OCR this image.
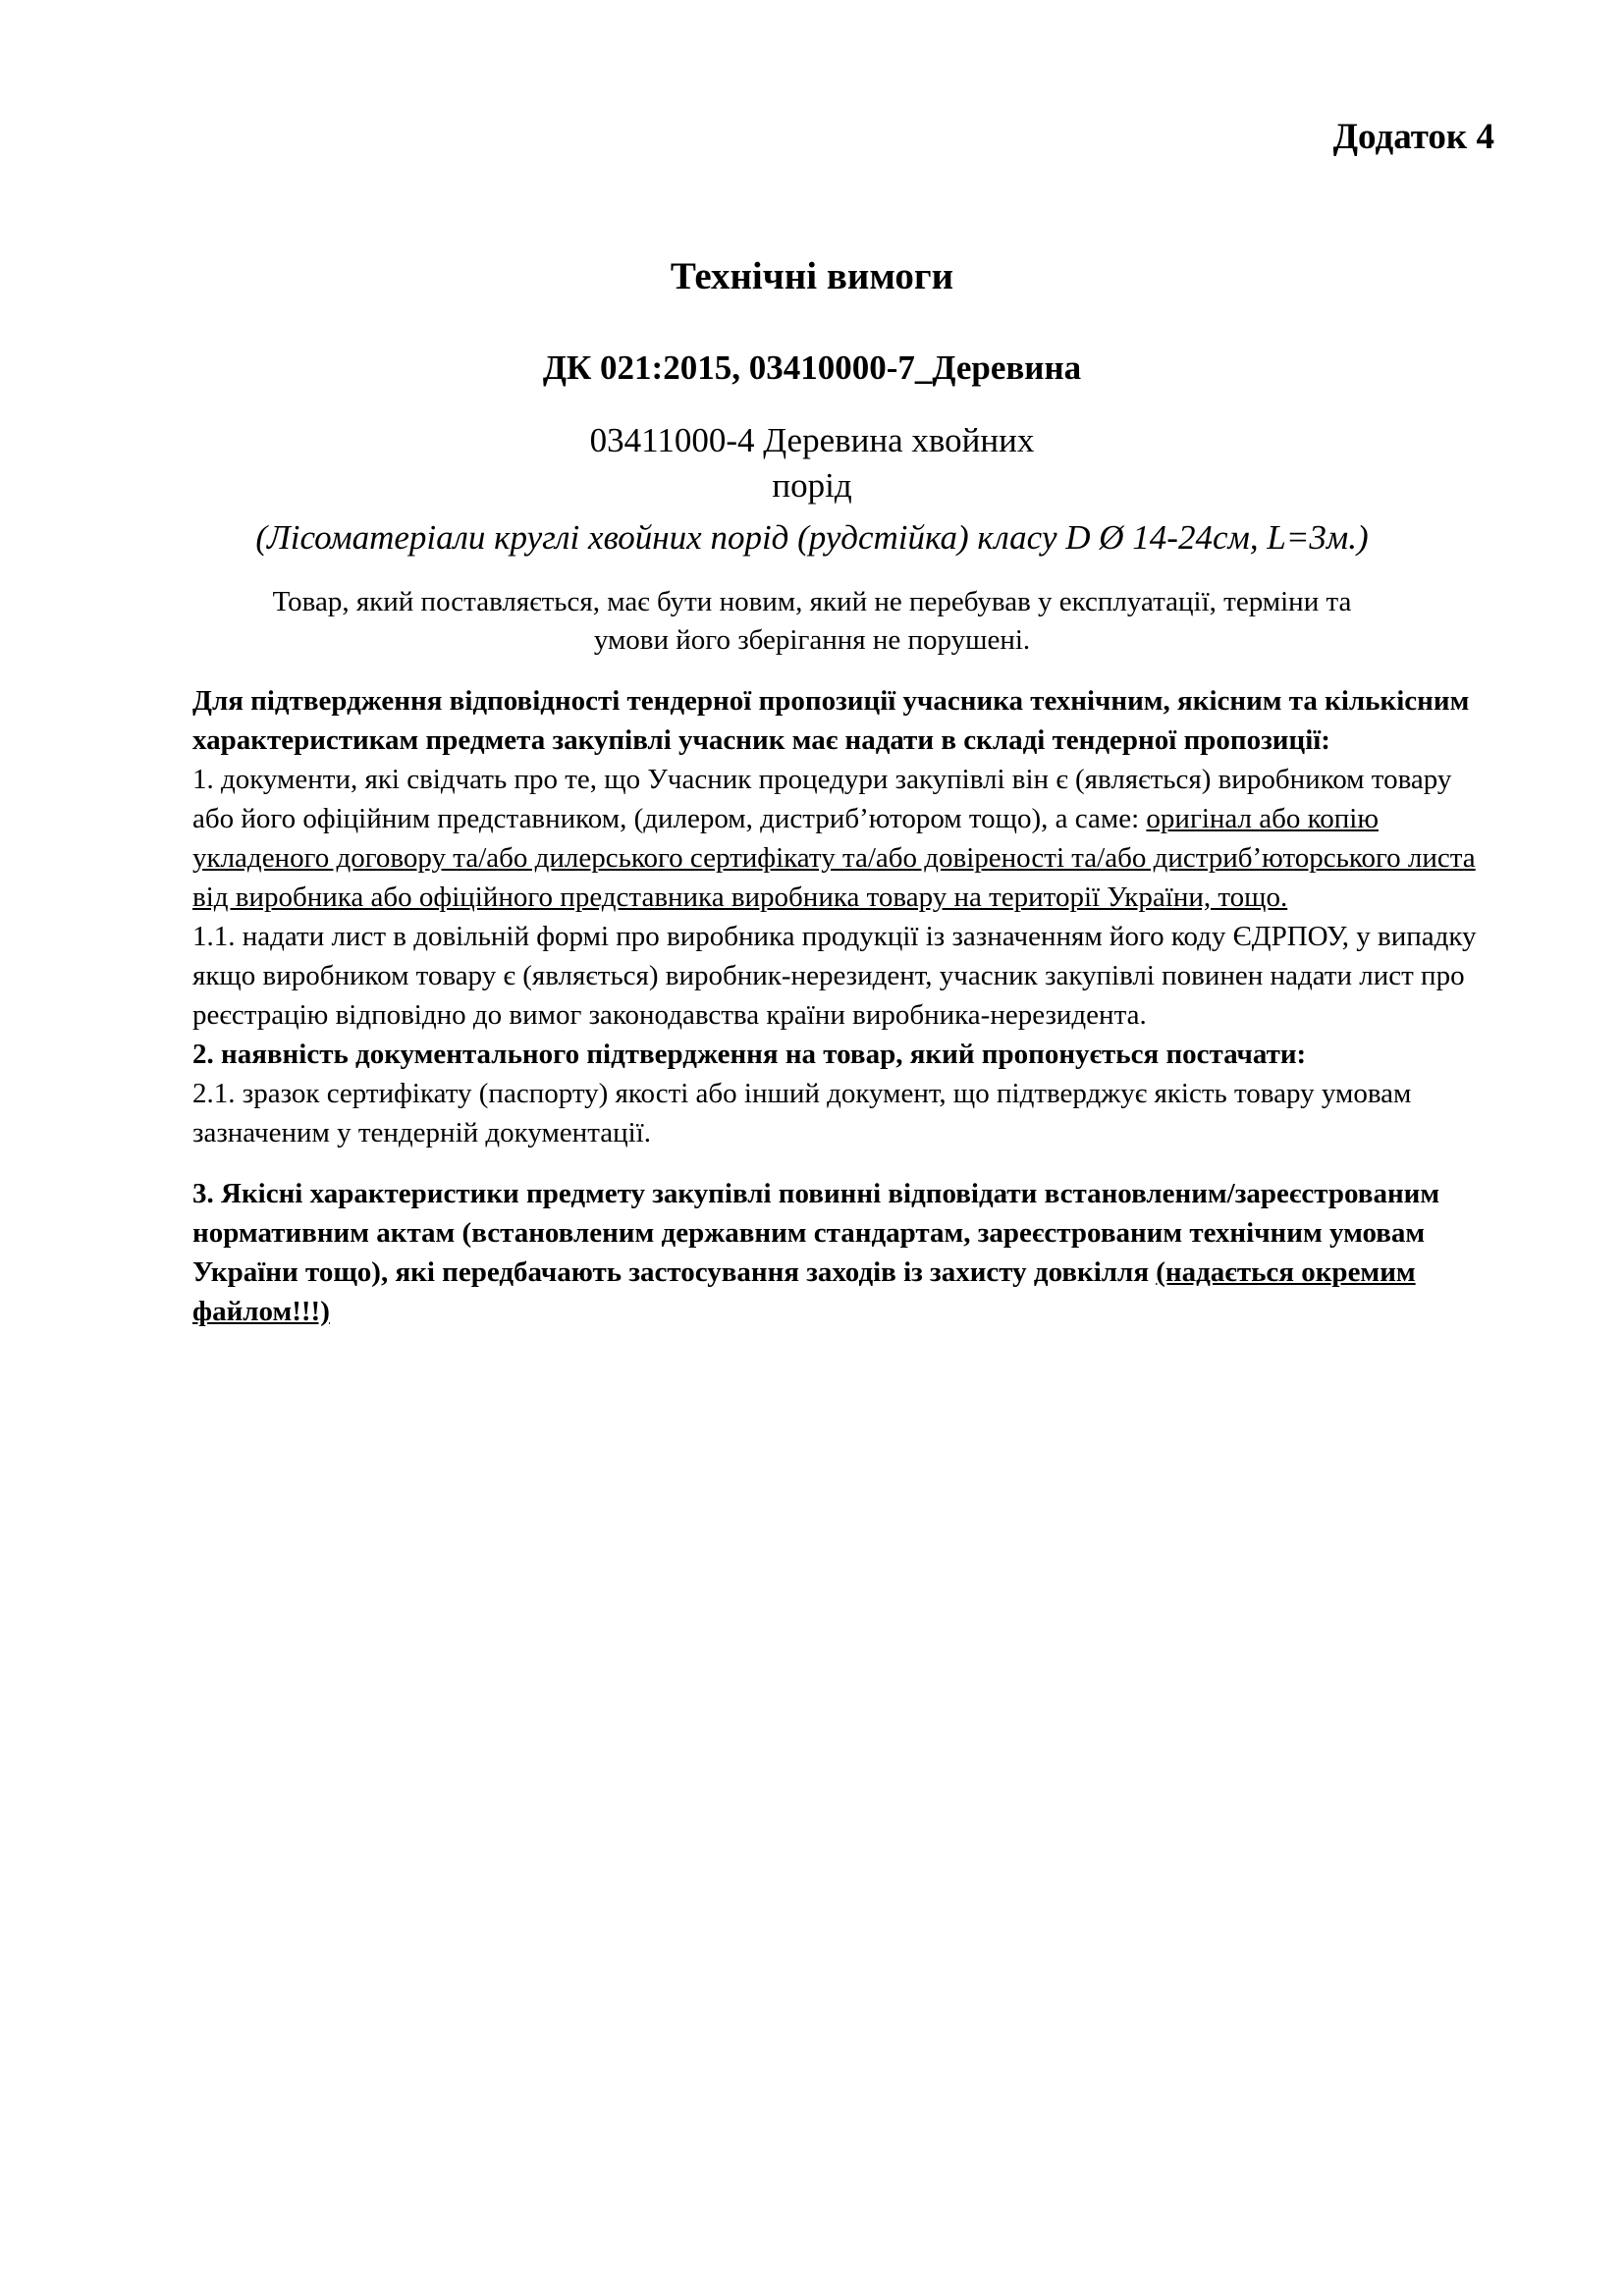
Додаток 4
Технічні вимоги
ДК 021:2015, 03410000-7_Деревина
03411000-4 Деревина хвойних
порід
(Лісоматеріали круглі хвойних порід (рудстійка) класу D Ø 14-24см, L=3м.)
Товар, який поставляється, має бути новим, який не перебував у експлуатації, терміни та
умови його зберігання не порушені.

Для підтвердження відповідності тендерної пропозиції учасника технічним, якісним та кількісним характеристикам предмета закупівлі учасник має надати в складі тендерної пропозиції:

1. документи, які свідчать про те, що Учасник процедури закупівлі він є (являється) виробником товару або його офіційним представником, (дилером, дистриб’ютором тощо), а саме: оригінал або копію укладеного договору та/або дилерського сертифікату та/або довіреності та/або дистриб’юторського листа від виробника або офіційного представника виробника товару на території України, тощо.

1.1. надати лист в довільній формі про виробника продукції із зазначенням його коду ЄДРПОУ, у випадку якщо виробником товару є (являється) виробник-нерезидент, учасник закупівлі повинен надати лист про реєстрацію відповідно до вимог законодавства країни виробника-нерезидента.

2. наявність документального підтвердження на товар, який пропонується постачати:

2.1. зразок сертифікату (паспорту) якості або інший документ, що підтверджує якість товару умовам зазначеним у тендерній документації.

3. Якісні характеристики предмету закупівлі повинні відповідати встановленим/зареєстрованим нормативним актам (встановленим державним стандартам, зареєстрованим технічним умовам України тощо), які передбачають застосування заходів із захисту довкілля (надається окремим файлом!!!)
